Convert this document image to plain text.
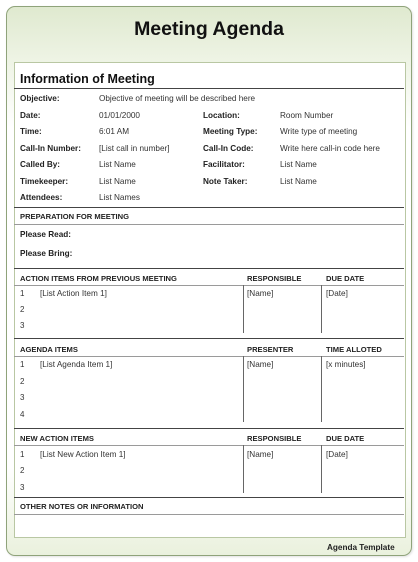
Meeting Agenda
Information of Meeting
Objective:	Objective of meeting will be described here
Date:	01/01/2000	Location:	Room Number
Time:	6:01 AM	Meeting Type:	Write type of meeting
Call-In Number: [List call in number]	Call-In Code:	Write here call-in code here
Called By:	List Name	Facilitator:	List Name
Timekeeper:	List Name	Note Taker:	List Name
Attendees:	List Names
PREPARATION FOR MEETING
Please Read:
Please Bring:
ACTION ITEMS FROM PREVIOUS MEETING	RESPONSIBLE	DUE DATE
1 [List Action Item 1]	[Name]	[Date]
2
3
AGENDA ITEMS	PRESENTER	TIME ALLOTED
1 [List Agenda Item 1]	[Name]	[x minutes]
2
3
4
NEW ACTION ITEMS	RESPONSIBLE	DUE DATE
1 [List New Action Item 1]	[Name]	[Date]
2
3
OTHER NOTES OR INFORMATION
Agenda Template
